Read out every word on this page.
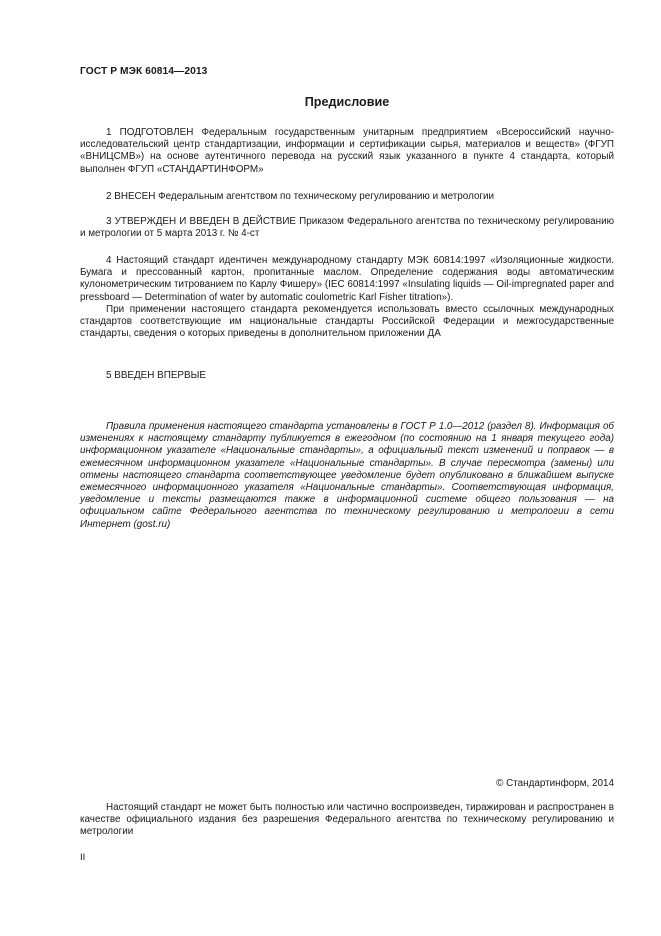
ГОСТ Р МЭК 60814—2013
Предисловие

1 ПОДГОТОВЛЕН Федеральным государственным унитарным предприятием «Всероссийский научно-исследовательский центр стандартизации, информации и сертификации сырья, материалов и веществ» (ФГУП «ВНИЦСМВ») на основе аутентичного перевода на русский язык указанного в пункте 4 стандарта, который выполнен ФГУП «СТАНДАРТИНФОРМ»

2 ВНЕСЕН Федеральным агентством по техническому регулированию и метрологии

3 УТВЕРЖДЕН И ВВЕДЕН В ДЕЙСТВИЕ Приказом Федерального агентства по техническому регулированию и метрологии от 5 марта 2013 г. № 4-ст

4 Настоящий стандарт идентичен международному стандарту МЭК 60814:1997 «Изоляционные жидкости. Бумага и прессованный картон, пропитанные маслом. Определение содержания воды автоматическим кулонометрическим титрованием по Карлу Фишеру» (IEC 60814:1997 «Insulating liquids — Oil-impregnated paper and pressboard — Determination of water by automatic coulometric Karl Fisher titration»).

При применении настоящего стандарта рекомендуется использовать вместо ссылочных международных стандартов соответствующие им национальные стандарты Российской Федерации и межгосударственные стандарты, сведения о которых приведены в дополнительном приложении ДА

5 ВВЕДЕН ВПЕРВЫЕ

Правила применения настоящего стандарта установлены в ГОСТ Р 1.0—2012 (раздел 8). Информация об изменениях к настоящему стандарту публикуется в ежегодном (по состоянию на 1 января текущего года) информационном указателе «Национальные стандарты», а официальный текст изменений и поправок — в ежемесячном информационном указателе «Национальные стандарты». В случае пересмотра (замены) или отмены настоящего стандарта соответствующее уведомление будет опубликовано в ближайшем выпуске ежемесячного информационного указателя «Национальные стандарты». Соответствующая информация, уведомление и тексты размещаются также в информационной системе общего пользования — на официальном сайте Федерального агентства по техническому регулированию и метрологии в сети Интернет (gost.ru)

© Стандартинформ, 2014

Настоящий стандарт не может быть полностью или частично воспроизведен, тиражирован и распространен в качестве официального издания без разрешения Федерального агентства по техническому регулированию и метрологии

II
